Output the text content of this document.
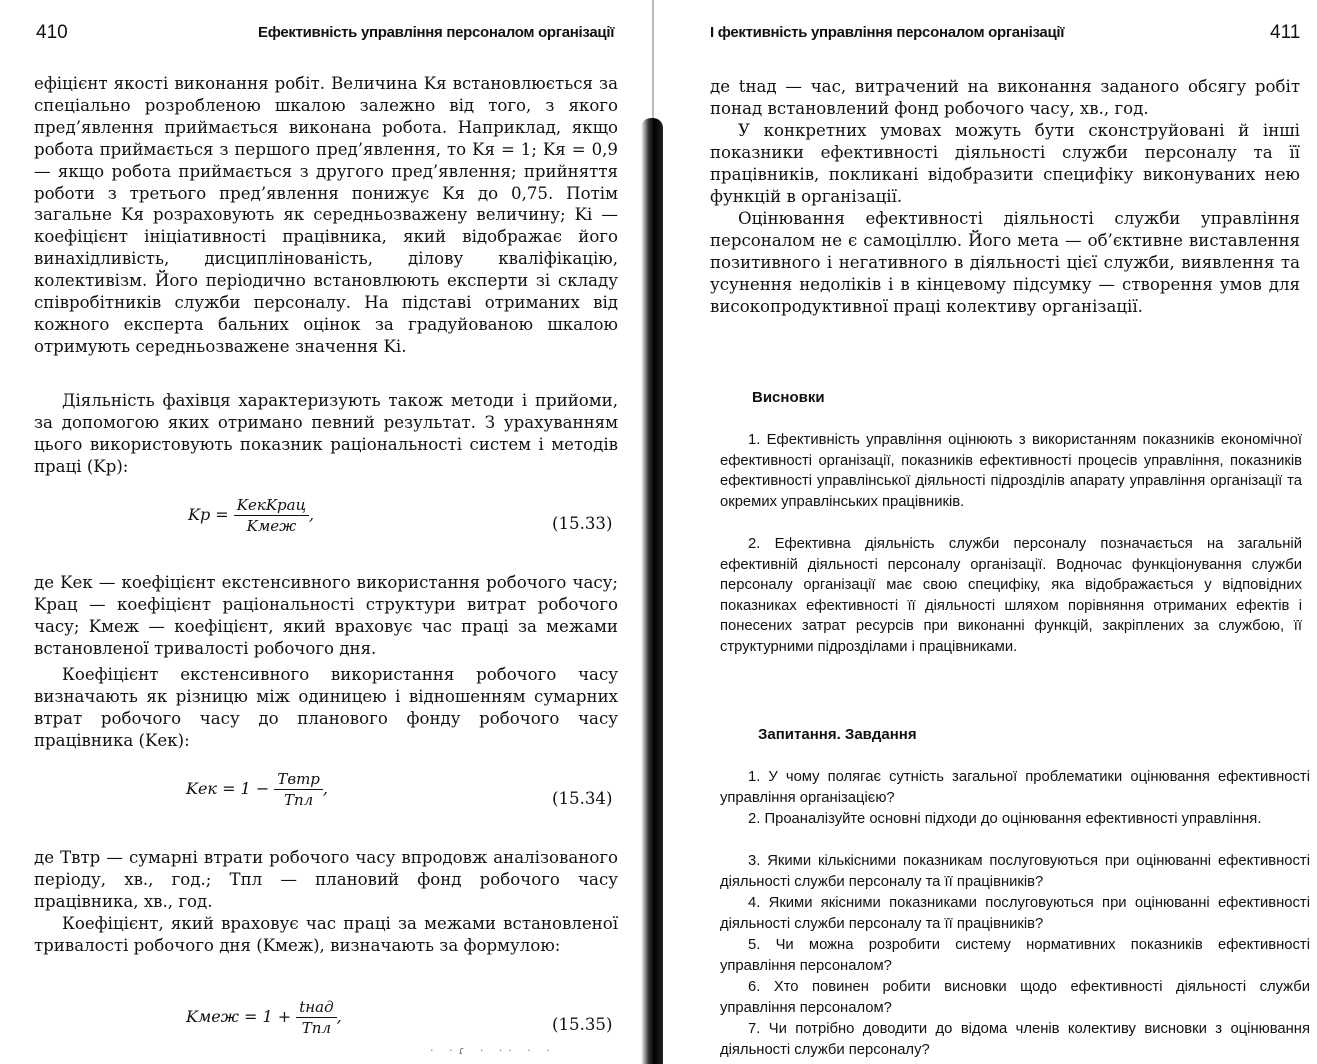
410	Ефективність управління персоналом організації
ефіцієнт якості виконання робіт. Величина Kя встановлюється за спеціально розробленою шкалою залежно від того, з якого пред’явлення приймається виконана робота. Наприклад, якщо робота приймається з першого пред’явлення, то Kя = 1; Kя = 0,9 — якщо робота приймається з другого пред’явлення; прийняття роботи з третього пред’явлення понижує Kя до 0,75. Потім загальне Kя розраховують як середньозважену величину; Ki — коефіцієнт ініціативності працівника, який відображає його винахідливість, дисциплінованість, ділову кваліфікацію, колективізм. Його періодично встановлюють експерти зі складу співробітників служби персоналу. На підставі отриманих від кожного експерта бальних оцінок за градуйованою шкалою отримують середньозважене значення Ki.
Діяльність фахівця характеризують також методи і прийоми, за допомогою яких отримано певний результат. З урахуванням цього використовують показник раціональності систем і методів праці (Kp):
Kр = $\frac{\text{KекKрац}}{\text{Kмеж}}$ ,	(15.33)
де Kек — коефіцієнт екстенсивного використання робочого часу; Kрац — коефіцієнт раціональності структури витрат робочого часу; Kмеж — коефіцієнт, який враховує час праці за межами встановленої тривалості робочого дня.
Коефіцієнт екстенсивного використання робочого часу визначають як різницю між одиницею і відношенням сумарних втрат робочого часу до планового фонду робочого часу працівника (Kек):
Kек = $1 - \frac{\text{Tвтр}}{\text{Tпл}}$ ,
(15.34)
де Tвтр — сумарні втрати робочого часу впродовж аналізованого періоду, хв., год.; Tпл — плановий фонд робочого часу працівника, хв., год.
Коефіцієнт, який враховує час праці за межами встановленої тривалості робочого дня (Kмеж), визначають за формулою:
Kмеж = $1 + \frac{\text{tнад}}{\text{Tпл}}$ ,	(15.35)
· ·ɾ · ·· · ·
І фективність управління персоналом організації	411
де tнад — час, витрачений на виконання заданого обсягу робіт понад встановлений фонд робочого часу, хв., год.
У конкретних умовах можуть бути сконструйовані й інші показники ефективності діяльності служби персоналу та її працівників, покликані відобразити специфіку виконуваних нею функцій в організації.
Оцінювання ефективності діяльності служби управління персоналом не є самоціллю. Його мета — об’єктивне виставлення позитивного і негативного в діяльності цієї служби, виявлення та усунення недоліків і в кінцевому підсумку — створення умов для високопродуктивної праці колективу організації.
Висновки
1. Ефективність управління оцінюють з використанням показників економічної ефективності організації, показників ефективності процесів управління, показників ефективності управлінської діяльності підрозділів апарату управління організації та окремих управлінських працівників.
2. Ефективна діяльність служби персоналу позначається на загальній ефективній діяльності персоналу організації. Водночас функціонування служби персоналу організації має свою специфіку, яка відображається у відповідних показниках ефективності її діяльності шляхом порівняння отриманих ефектів і понесених затрат ресурсів при виконанні функцій, закріплених за службою, її структурними підрозділами і працівниками.
Запитання. Завдання
1. У чому полягає сутність загальної проблематики оцінювання ефективності управління організацією?
2. Проаналізуйте основні підходи до оцінювання ефективності управління.
3. Якими кількісними показникам послуговуються при оцінюванні ефективності діяльності служби персоналу та її працівників?
4. Якими якісними показниками послуговуються при оцінюванні ефективності діяльності служби персоналу та її працівників?
5. Чи можна розробити систему нормативних показників ефективності управління персоналом?
6. Хто повинен робити висновки щодо ефективності діяльності служби управління персоналом?
7. Чи потрібно доводити до відома членів колективу висновки з оцінювання діяльності служби персоналу?
